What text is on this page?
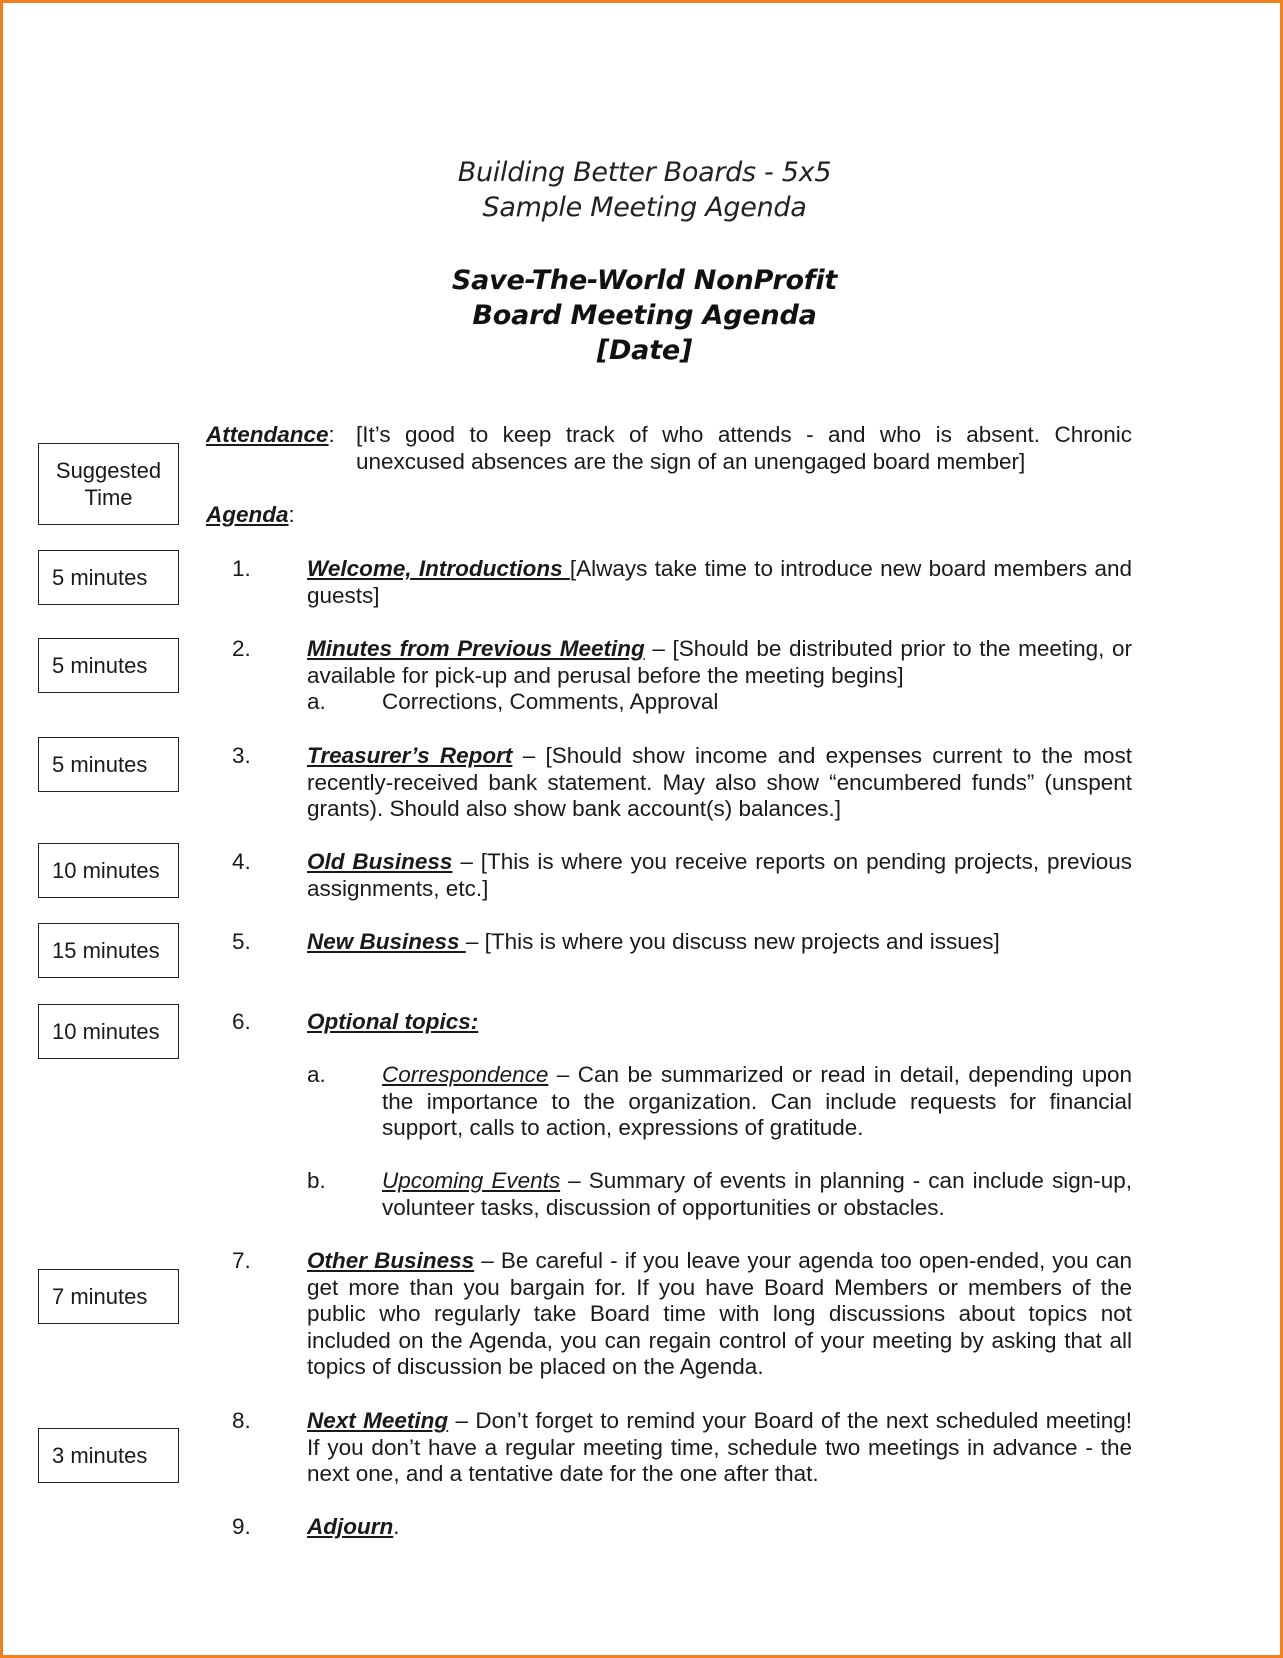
Building Better Boards - 5x5
Sample Meeting Agenda
Save-The-World NonProfit
Board Meeting Agenda
[Date]
Suggested Time
Attendance: [It’s good to keep track of who attends - and who is absent. Chronic unexcused absences are the sign of an unengaged board member]
Agenda:
5 minutes
5 minutes
5 minutes
10 minutes
15 minutes
10 minutes
7 minutes
3 minutes
1. Welcome, Introductions [Always take time to introduce new board members and guests]
2. Minutes from Previous Meeting – [Should be distributed prior to the meeting, or available for pick-up and perusal before the meeting begins]
a. Corrections, Comments, Approval
3. Treasurer’s Report – [Should show income and expenses current to the most recently-received bank statement. May also show “encumbered funds” (unspent grants). Should also show bank account(s) balances.]
4. Old Business – [This is where you receive reports on pending projects, previous assignments, etc.]
5. New Business – [This is where you discuss new projects and issues]
6. Optional topics:
a. Correspondence – Can be summarized or read in detail, depending upon the importance to the organization. Can include requests for financial support, calls to action, expressions of gratitude.
b. Upcoming Events – Summary of events in planning - can include sign-up, volunteer tasks, discussion of opportunities or obstacles.
7. Other Business – Be careful - if you leave your agenda too open-ended, you can get more than you bargain for. If you have Board Members or members of the public who regularly take Board time with long discussions about topics not included on the Agenda, you can regain control of your meeting by asking that all topics of discussion be placed on the Agenda.
8. Next Meeting – Don’t forget to remind your Board of the next scheduled meeting! If you don’t have a regular meeting time, schedule two meetings in advance - the next one, and a tentative date for the one after that.
9. Adjourn.
